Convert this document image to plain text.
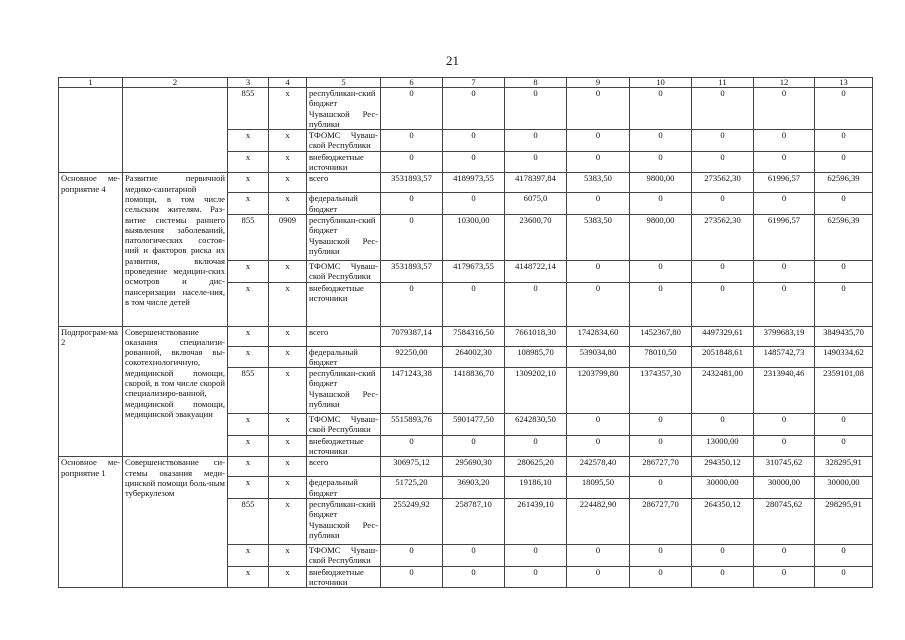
21
1	2	3	4	5	6	7	8	9	10	11	12	13
		855	х	республикан-ский бюджет Чувашской Рес-публики	0	0	0	0	0	0	0	0
		х	х	ТФОМС Чуваш-ской Республики	0	0	0	0	0	0	0	0
		х	х	внебюджетные источники	0	0	0	0	0	0	0	0
Основное ме-роприятие 4	Развитие первичной медико-санитарной помощи, в том числе сельским жителям. Раз-витие системы раннего выявления заболеваний, патологических состоя-ний и факторов риска их развития, включая проведение медицин-ских осмотров и дис-пансеризации населе-ния, в том числе детей	х	х	всего	3531893,57	4189973,55	4178397,84	5383,50	9800,00	273562,30	61996,57	62596,39
		х	х	федеральный бюджет	0	0	6075,0	0	0	0	0	0
		855	0909	республикан-ский бюджет Чувашской Рес-публики	0	10300,00	23600,70	5383,50	9800,00	273562,30	61996,57	62596,39
		х	х	ТФОМС Чуваш-ской Республики	3531893,57	4179673,55	4148722,14	0	0	0	0	0
		х	х	внебюджетные источники	0	0	0	0	0	0	0	0
Подпрограм-ма 2	Совершенствование оказания специализи-рованной, включая вы-сокотехнологичную, медицинской помощи, скорой, в том числе скорой специализиро-ванной, медицинской помощи, медицинской эвакуации	х	х	всего	7079387,14	7584316,50	7661018,30	1742834,60	1452367,80	4497329,61	3799683,19	3849435,70
		х	х	федеральный бюджет	92250,00	264002,30	108985,70	539034,80	78010,50	2051848,61	1485742,73	1490334,62
		855	х	республикан-ский бюджет Чувашской Рес-публики	1471243,38	1418836,70	1309202,10	1203799,80	1374357,30	2432481,00	2313940,46	2359101,08
		х	х	ТФОМС Чуваш-ской Республики	5515893,76	5901477,50	6242830,50	0	0	0	0	0
		х	х	внебюджетные источники	0	0	0	0	0	13000,00	0	0
Основное ме-роприятие 1	Совершенствование си-стемы оказания меди-цинской помощи боль-ным туберкулезом	х	х	всего	306975,12	295690,30	280625,20	242578,40	286727,70	294350,12	310745,62	328295,91
		х	х	федеральный бюджет	51725,20	36903,20	19186,10	18095,50	0	30000,00	30000,00	30000,00
		855	х	республикан-ский бюджет Чувашской Рес-публики	255249,92	258787,10	261439,10	224482,90	286727,70	264350,12	280745,62	298295,91
		х	х	ТФОМС Чуваш-ской Республики	0	0	0	0	0	0	0	0
		х	х	внебюджетные источники	0	0	0	0	0	0	0	0
